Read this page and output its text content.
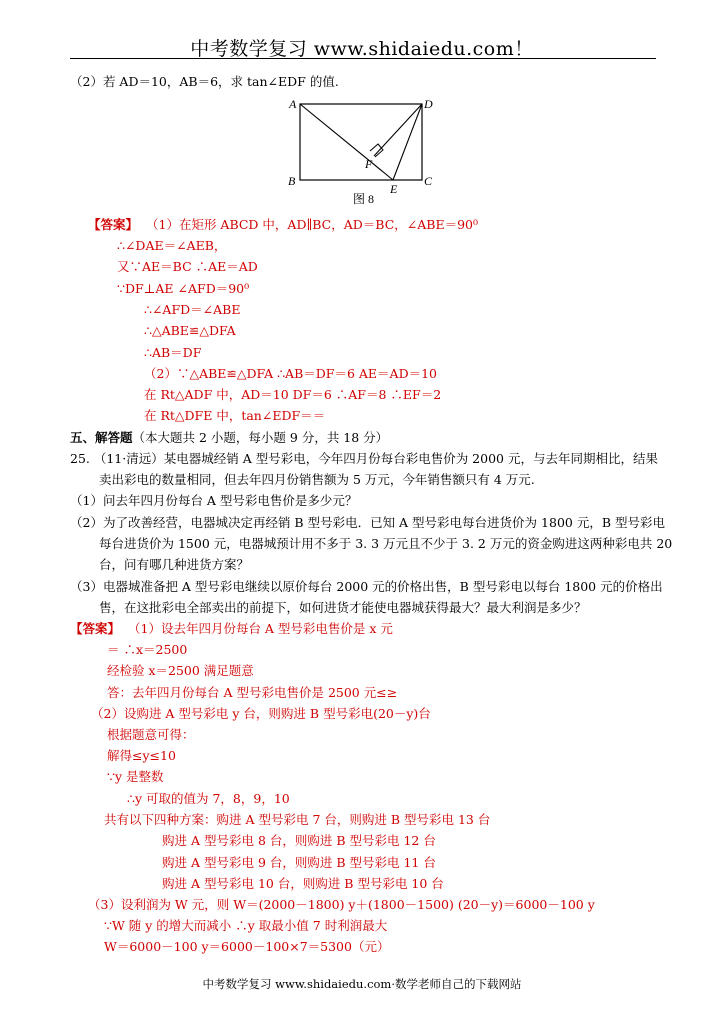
中考数学复习 www.shidaiedu.com！
（2）若 AD＝10，AB＝6，求 tan∠EDF 的值.
A	D
B	C
E
F
图 8
【答案】 （1）在矩形 ABCD 中，AD∥BC，AD＝BC，∠ABE＝90⁰
∴∠DAE＝∠AEB，
又∵AE＝BC ∴AE＝AD
∵DF⊥AE ∠AFD＝90⁰
∴∠AFD＝∠ABE
∴△ABE≌△DFA
∴AB＝DF
（2）∵△ABE≌△DFA ∴AB＝DF＝6 AE＝AD＝10
在 Rt△ADF 中，AD＝10 DF＝6 ∴AF＝8 ∴EF＝2
在 Rt△DFE 中，tan∠EDF＝＝
五、解答题（本大题共 2 小题，每小题 9 分，共 18 分）
25. （11·清远）某电器城经销 A 型号彩电，今年四月份每台彩电售价为 2000 元，与去年同期相比，结果
卖出彩电的数量相同，但去年四月份销售额为 5 万元，今年销售额只有 4 万元.
（1）问去年四月份每台 A 型号彩电售价是多少元？
（2）为了改善经营，电器城决定再经销 B 型号彩电．已知 A 型号彩电每台进货价为 1800 元，B 型号彩电
每台进货价为 1500 元，电器城预计用不多于 3. 3 万元且不少于 3. 2 万元的资金购进这两种彩电共 20
台，问有哪几种进货方案？
（3）电器城准备把 A 型号彩电继续以原价每台 2000 元的价格出售，B 型号彩电以每台 1800 元的价格出
售，在这批彩电全部卖出的前提下，如何进货才能使电器城获得最大？最大利润是多少？
【答案】 （1）设去年四月份每台 A 型号彩电售价是 x 元
＝ ∴x＝2500
经检验 x＝2500 满足题意
答：去年四月份每台 A 型号彩电售价是 2500 元≤≥
（2）设购进 A 型号彩电 y 台，则购进 B 型号彩电(20－y)台
根据题意可得：
解得≤y≤10
∵y 是整数
∴y 可取的值为 7，8，9，10
共有以下四种方案：购进 A 型号彩电 7 台，则购进 B 型号彩电 13 台
购进 A 型号彩电 8 台，则购进 B 型号彩电 12 台
购进 A 型号彩电 9 台，则购进 B 型号彩电 11 台
购进 A 型号彩电 10 台，则购进 B 型号彩电 10 台
（3）设利润为 W 元，则 W＝(2000－1800) y＋(1800－1500) (20－y)＝6000－100 y
∵W 随 y 的增大而减小 ∴y 取最小值 7 时利润最大
W＝6000－100 y＝6000－100×7＝5300（元）
中考数学复习 www.shidaiedu.com·数学老师自己的下载网站
